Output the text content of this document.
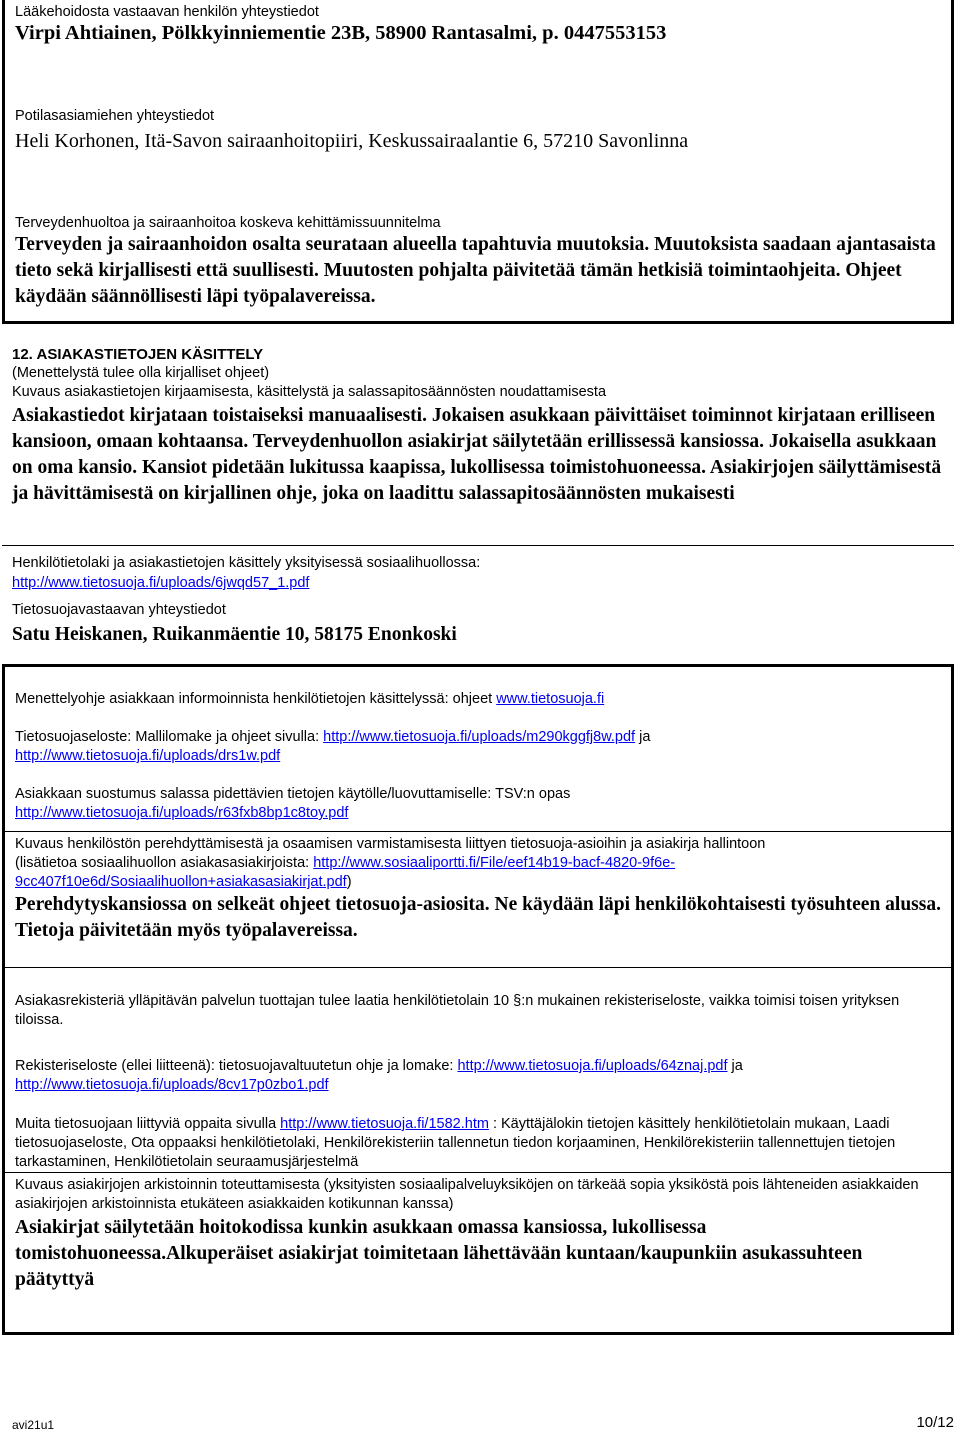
Lääkehoidosta vastaavan henkilön yhteystiedot
Virpi Ahtiainen, Pölkkyinniementie 23B, 58900 Rantasalmi, p. 0447553153
Potilasasiamiehen yhteystiedot
Heli Korhonen, Itä-Savon sairaanhoitopiiri, Keskussairaalantie 6, 57210 Savonlinna
Terveydenhuoltoa ja sairaanhoitoa koskeva kehittämissuunnitelma
Terveyden ja sairaanhoidon osalta seurataan alueella tapahtuvia muutoksia. Muutoksista saadaan ajantasaista tieto sekä kirjallisesti että suullisesti. Muutosten pohjalta päivitetää tämän hetkisiä toimintaohjeita. Ohjeet käydään säännöllisesti läpi työpalavereissa.
12. ASIAKASTIETOJEN KÄSITTELY
(Menettelystä tulee olla kirjalliset ohjeet)
Kuvaus asiakastietojen kirjaamisesta, käsittelystä ja salassapitosäännösten noudattamisesta
Asiakastiedot kirjataan toistaiseksi manuaalisesti. Jokaisen asukkaan päivittäiset toiminnot kirjataan erilliseen kansioon, omaan kohtaansa. Terveydenhuollon asiakirjat säilytetään erillissessä kansiossa. Jokaisella asukkaan on oma kansio. Kansiot pidetään lukitussa kaapissa, lukollisessa toimistohuoneessa. Asiakirjojen säilyttämisestä ja hävittämisestä on kirjallinen ohje, joka on laadittu salassapitosäännösten mukaisesti
Henkilötietolaki ja asiakastietojen käsittely yksityisessä sosiaalihuollossa:
http://www.tietosuoja.fi/uploads/6jwqd57_1.pdf
Tietosuojavastaavan yhteystiedot
Satu Heiskanen, Ruikanmäentie 10, 58175 Enonkoski
Menettelyohje asiakkaan informoinnista henkilötietojen käsittelyssä: ohjeet www.tietosuoja.fi
Tietosuojaseloste: Mallilomake ja ohjeet sivulla: http://www.tietosuoja.fi/uploads/m290kggfj8w.pdf ja
http://www.tietosuoja.fi/uploads/drs1w.pdf
Asiakkaan suostumus salassa pidettävien tietojen käytölle/luovuttamiselle: TSV:n opas
http://www.tietosuoja.fi/uploads/r63fxb8bp1c8toy.pdf
Kuvaus henkilöstön perehdyttämisestä ja osaamisen varmistamisesta liittyen tietosuoja-asioihin ja asiakirja hallintoon
(lisätietoa sosiaalihuollon asiakasasiakirjoista: http://www.sosiaaliportti.fi/File/eef14b19-bacf-4820-9f6e-
9cc407f10e6d/Sosiaalihuollon+asiakasasiakirjat.pdf)
Perehdytyskansiossa on selkeät ohjeet tietosuoja-asiosita. Ne käydään läpi henkilökohtaisesti työsuhteen alussa. Tietoja päivitetään myös työpalavereissa.
Asiakasrekisteriä ylläpitävän palvelun tuottajan tulee laatia henkilötietolain 10 §:n mukainen rekisteriseloste, vaikka toimisi toisen yrityksen tiloissa.
Rekisteriseloste (ellei liitteenä): tietosuojavaltuutetun ohje ja lomake: http://www.tietosuoja.fi/uploads/64znaj.pdf ja
http://www.tietosuoja.fi/uploads/8cv17p0zbo1.pdf
Muita tietosuojaan liittyviä oppaita sivulla http://www.tietosuoja.fi/1582.htm : Käyttäjälokin tietojen käsittely henkilötietolain mukaan, Laadi tietosuojaseloste, Ota oppaaksi henkilötietolaki, Henkilörekisteriin tallennetun tiedon korjaaminen, Henkilörekisteriin tallennettujen tietojen tarkastaminen, Henkilötietolain seuraamusjärjestelmä
Kuvaus asiakirjojen arkistoinnin toteuttamisesta (yksityisten sosiaalipalveluyksiköjen on tärkeää sopia yksiköstä pois lähteneiden asiakkaiden asiakirjojen arkistoinnista etukäteen asiakkaiden kotikunnan kanssa)
Asiakirjat säilytetään hoitokodissa kunkin asukkaan omassa kansiossa, lukollisessa tomistohuoneessa.Alkuperäiset asiakirjat toimitetaan lähettävään kuntaan/kaupunkiin asukassuhteen päätyttyä
avi21u1	10/12
